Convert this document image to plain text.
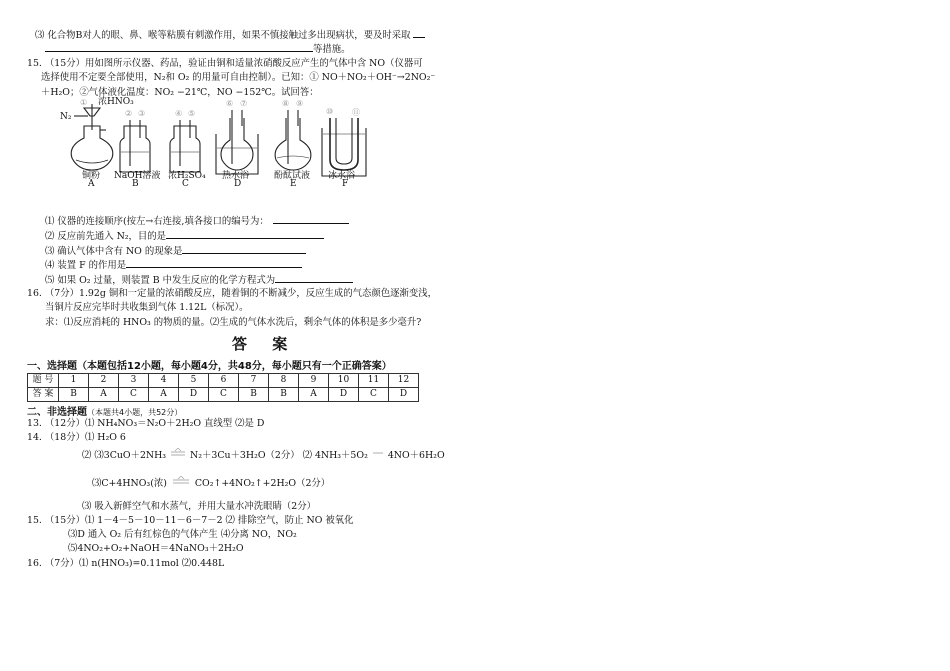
⑶ 化合物B对人的眼、鼻、喉等粘膜有刺激作用，如果不慎接触过多出现病状，要及时采取
等措施。
15. （15分）用如图所示仪器、药品，验证由铜和适量浓硝酸反应产生的气体中含 NO（仪器可
选择使用不定要全部使用，N₂和 O₂ 的用量可自由控制）。已知：① NO＋NO₂＋OH⁻→2NO₂⁻
＋H₂O；②气体液化温度：NO₂ −21℃，NO −152℃。试回答：
浓HNO₃
N₂
①
② ③	④ ⑤
⑥ ⑦	⑧ ⑨
⑩ ⑪
铜粉 NaOH溶液 浓H₂SO₄ 热水浴	酚酞试液 冰水浴
A	B	C	D	E	F
⑴ 仪器的连接顺序(按左→右连接,填各接口的编号为：
⑵ 反应前先通入 N₂，目的是
⑶ 确认气体中含有 NO 的现象是
⑷ 装置 F 的作用是
⑸ 如果 O₂ 过量，则装置 B 中发生反应的化学方程式为
16. （7分）1.92g 铜和一定量的浓硝酸反应，随着铜的不断减少，反应生成的气态颜色逐渐变浅，
当铜片反应完毕时共收集到气体 1.12L（标况）。
求：⑴反应消耗的 HNO₃ 的物质的量。⑵生成的气体水洗后，剩余气体的体积是多少毫升?
答 案
一、选择题（本题包括12小题，每小题4分，共48分，每小题只有一个正确答案）
题 号	1	2	3	4	5	6	7	8	9	10	11	12
答 案	B	A	C	A	D	C	B	B	A	D	C	D
二、非选择题（本题共4小题，共52分）
13. （12分）⑴ NH₄NO₃＝N₂O＋2H₂O 直线型 ⑵是 D
14. （18分）⑴ H₂O 6
⑵ ⑶3CuO＋2NH₃ ⇌ N₂＋3Cu＋3H₂O（2分） ⑵ 4NH₃＋5O₂ 4NO＋6H₂O
⑶C+4HNO₃(浓)	CO₂↑+4NO₂↑+2H₂O（2分）
⑶ 吸入新鲜空气和水蒸气，并用大量水冲洗眼睛（2分）
15. （15分）⑴ 1－4－5－10－11－6－7－2 ⑵ 排除空气，防止 NO 被氧化
⑶D 通入 O₂ 后有红棕色的气体产生 ⑷分离 NO，NO₂
⑸4NO₂+O₂+NaOH＝4NaNO₃＋2H₂O
16. （7分）⑴ n(HNO₃)=0.11mol ⑵0.448L
